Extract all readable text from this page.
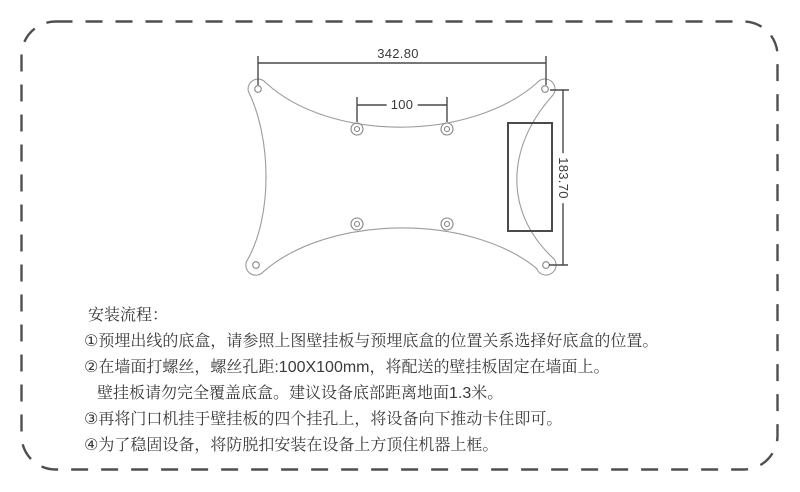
342.80
100
183.70
安装流程：
①预埋出线的底盒，请参照上图壁挂板与预埋底盒的位置关系选择好底盒的位置。
②在墙面打螺丝，螺丝孔距:100X100mm，将配送的壁挂板固定在墙面上。
壁挂板请勿完全覆盖底盒。建议设备底部距离地面1.3米。
③再将门口机挂于壁挂板的四个挂孔上，将设备向下推动卡住即可。
④为了稳固设备，将防脱扣安装在设备上方顶住机器上框。
